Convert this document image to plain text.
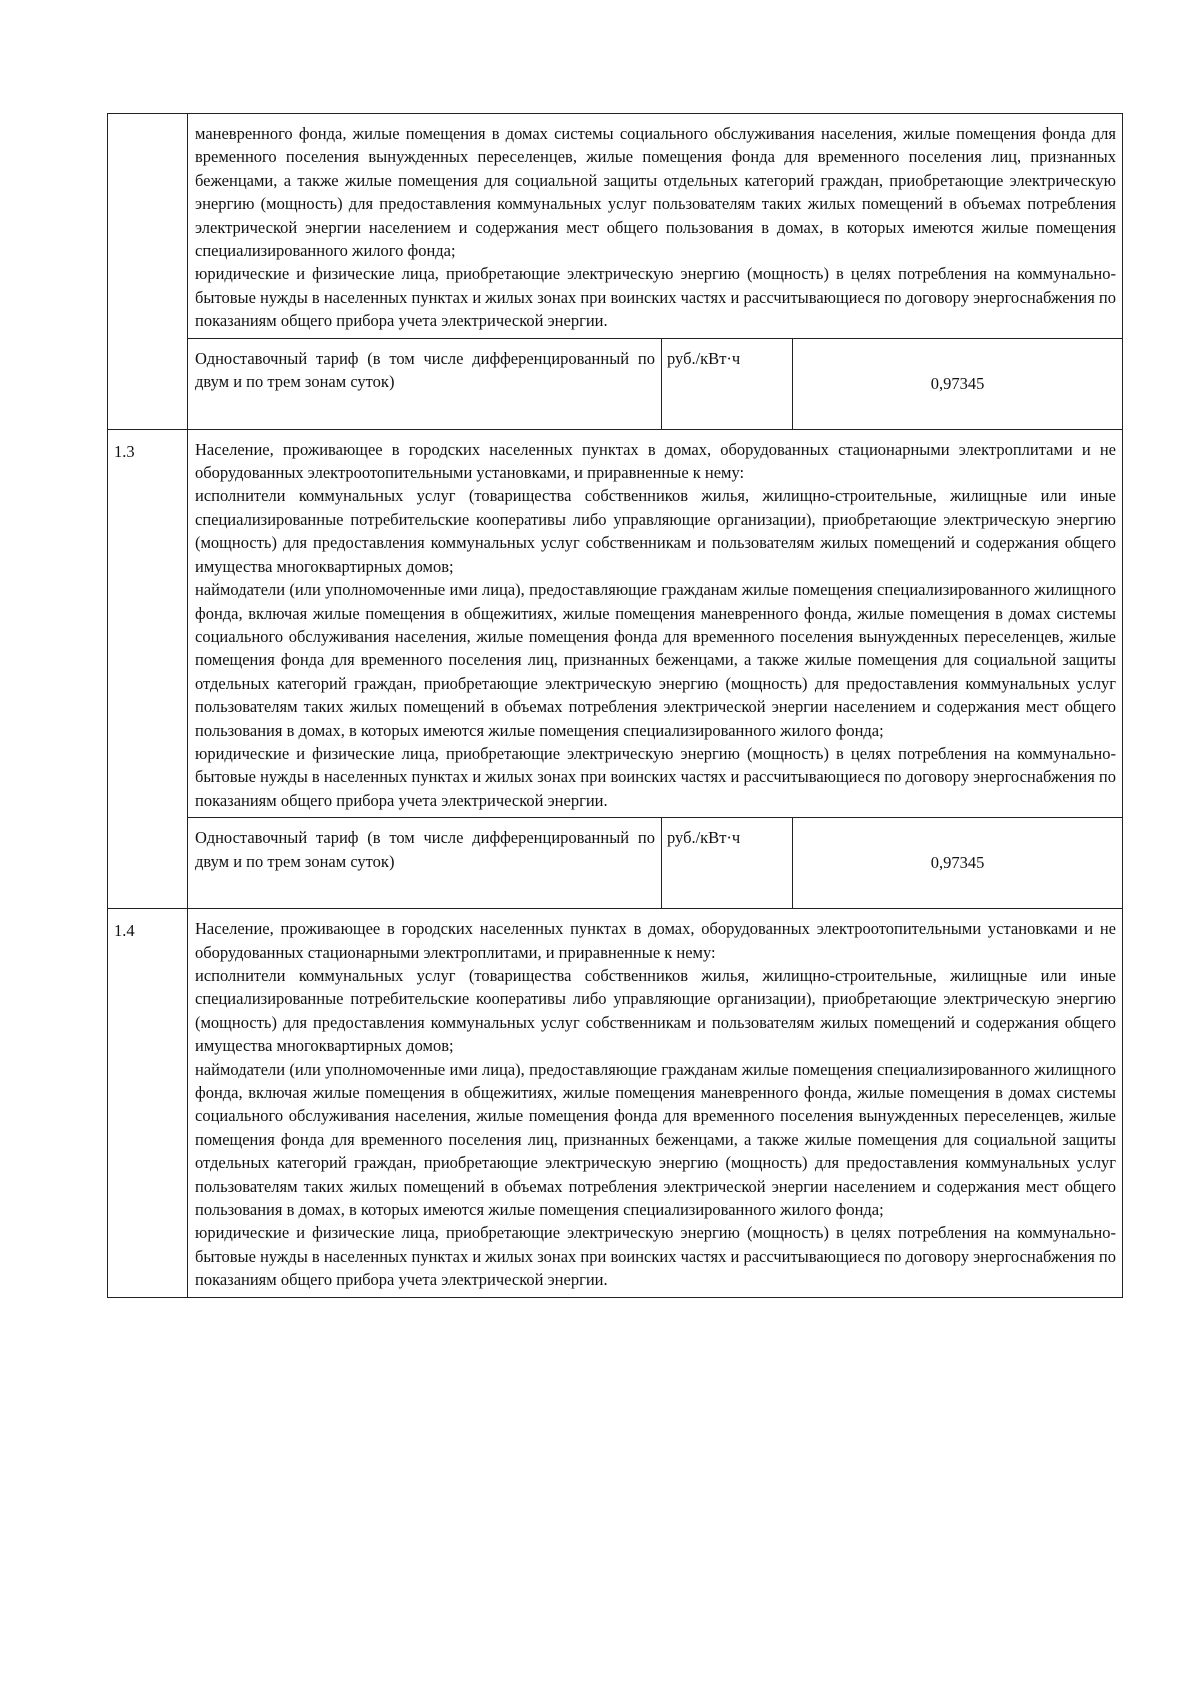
	маневренного фонда, жилые помещения в домах системы социального обслуживания населения, жилые помещения фонда для временного поселения вынужденных переселенцев, жилые помещения фонда для временного поселения лиц, признанных беженцами, а также жилые помещения для социальной защиты отдельных категорий граждан, приобретающие электрическую энергию (мощность) для предоставления коммунальных услуг пользователям таких жилых помещений в объемах потребления электрической энергии населением и содержания мест общего пользования в домах, в которых имеются жилые помещения специализированного жилого фонда;

юридические и физические лица, приобретающие электрическую энергию (мощность) в целях потребления на коммунально-бытовые нужды в населенных пунктах и жилых зонах при воинских частях и рассчитывающиеся по договору энергоснабжения по показаниям общего прибора учета электрической энергии.		

	Одноставочный тариф (в том числе дифференцированный по двум и по трем зонам суток)	руб./кВт·ч	0,97345
1.3	Население, проживающее в городских населенных пунктах в домах, оборудованных стационарными электроплитами и не оборудованных электроотопительными установками, и приравненные к нему:

исполнители коммунальных услуг (товарищества собственников жилья, жилищно-строительные, жилищные или иные специализированные потребительские кооперативы либо управляющие организации), приобретающие электрическую энергию (мощность) для предоставления коммунальных услуг собственникам и пользователям жилых помещений и содержания общего имущества многоквартирных домов;

наймодатели (или уполномоченные ими лица), предоставляющие гражданам жилые помещения специализированного жилищного фонда, включая жилые помещения в общежитиях, жилые помещения маневренного фонда, жилые помещения в домах системы социального обслуживания населения, жилые помещения фонда для временного поселения вынужденных переселенцев, жилые помещения фонда для временного поселения лиц, признанных беженцами, а также жилые помещения для социальной защиты отдельных категорий граждан, приобретающие электрическую энергию (мощность) для предоставления коммунальных услуг пользователям таких жилых помещений в объемах потребления электрической энергии населением и содержания мест общего пользования в домах, в которых имеются жилые помещения специализированного жилого фонда;

юридические и физические лица, приобретающие электрическую энергию (мощность) в целях потребления на коммунально-бытовые нужды в населенных пунктах и жилых зонах при воинских частях и рассчитывающиеся по договору энергоснабжения по показаниям общего прибора учета электрической энергии.		

	Одноставочный тариф (в том числе дифференцированный по двум и по трем зонам суток)	руб./кВт·ч	0,97345
1.4	Население, проживающее в городских населенных пунктах в домах, оборудованных электроотопительными установками и не оборудованных стационарными электроплитами, и приравненные к нему:

исполнители коммунальных услуг (товарищества собственников жилья, жилищно-строительные, жилищные или иные специализированные потребительские кооперативы либо управляющие организации), приобретающие электрическую энергию (мощность) для предоставления коммунальных услуг собственникам и пользователям жилых помещений и содержания общего имущества многоквартирных домов;

наймодатели (или уполномоченные ими лица), предоставляющие гражданам жилые помещения специализированного жилищного фонда, включая жилые помещения в общежитиях, жилые помещения маневренного фонда, жилые помещения в домах системы социального обслуживания населения, жилые помещения фонда для временного поселения вынужденных переселенцев, жилые помещения фонда для временного поселения лиц, признанных беженцами, а также жилые помещения для социальной защиты отдельных категорий граждан, приобретающие электрическую энергию (мощность) для предоставления коммунальных услуг пользователям таких жилых помещений в объемах потребления электрической энергии населением и содержания мест общего пользования в домах, в которых имеются жилые помещения специализированного жилого фонда;

юридические и физические лица, приобретающие электрическую энергию (мощность) в целях потребления на коммунально-бытовые нужды в населенных пунктах и жилых зонах при воинских частях и рассчитывающиеся по договору энергоснабжения по показаниям общего прибора учета электрической энергии.		
